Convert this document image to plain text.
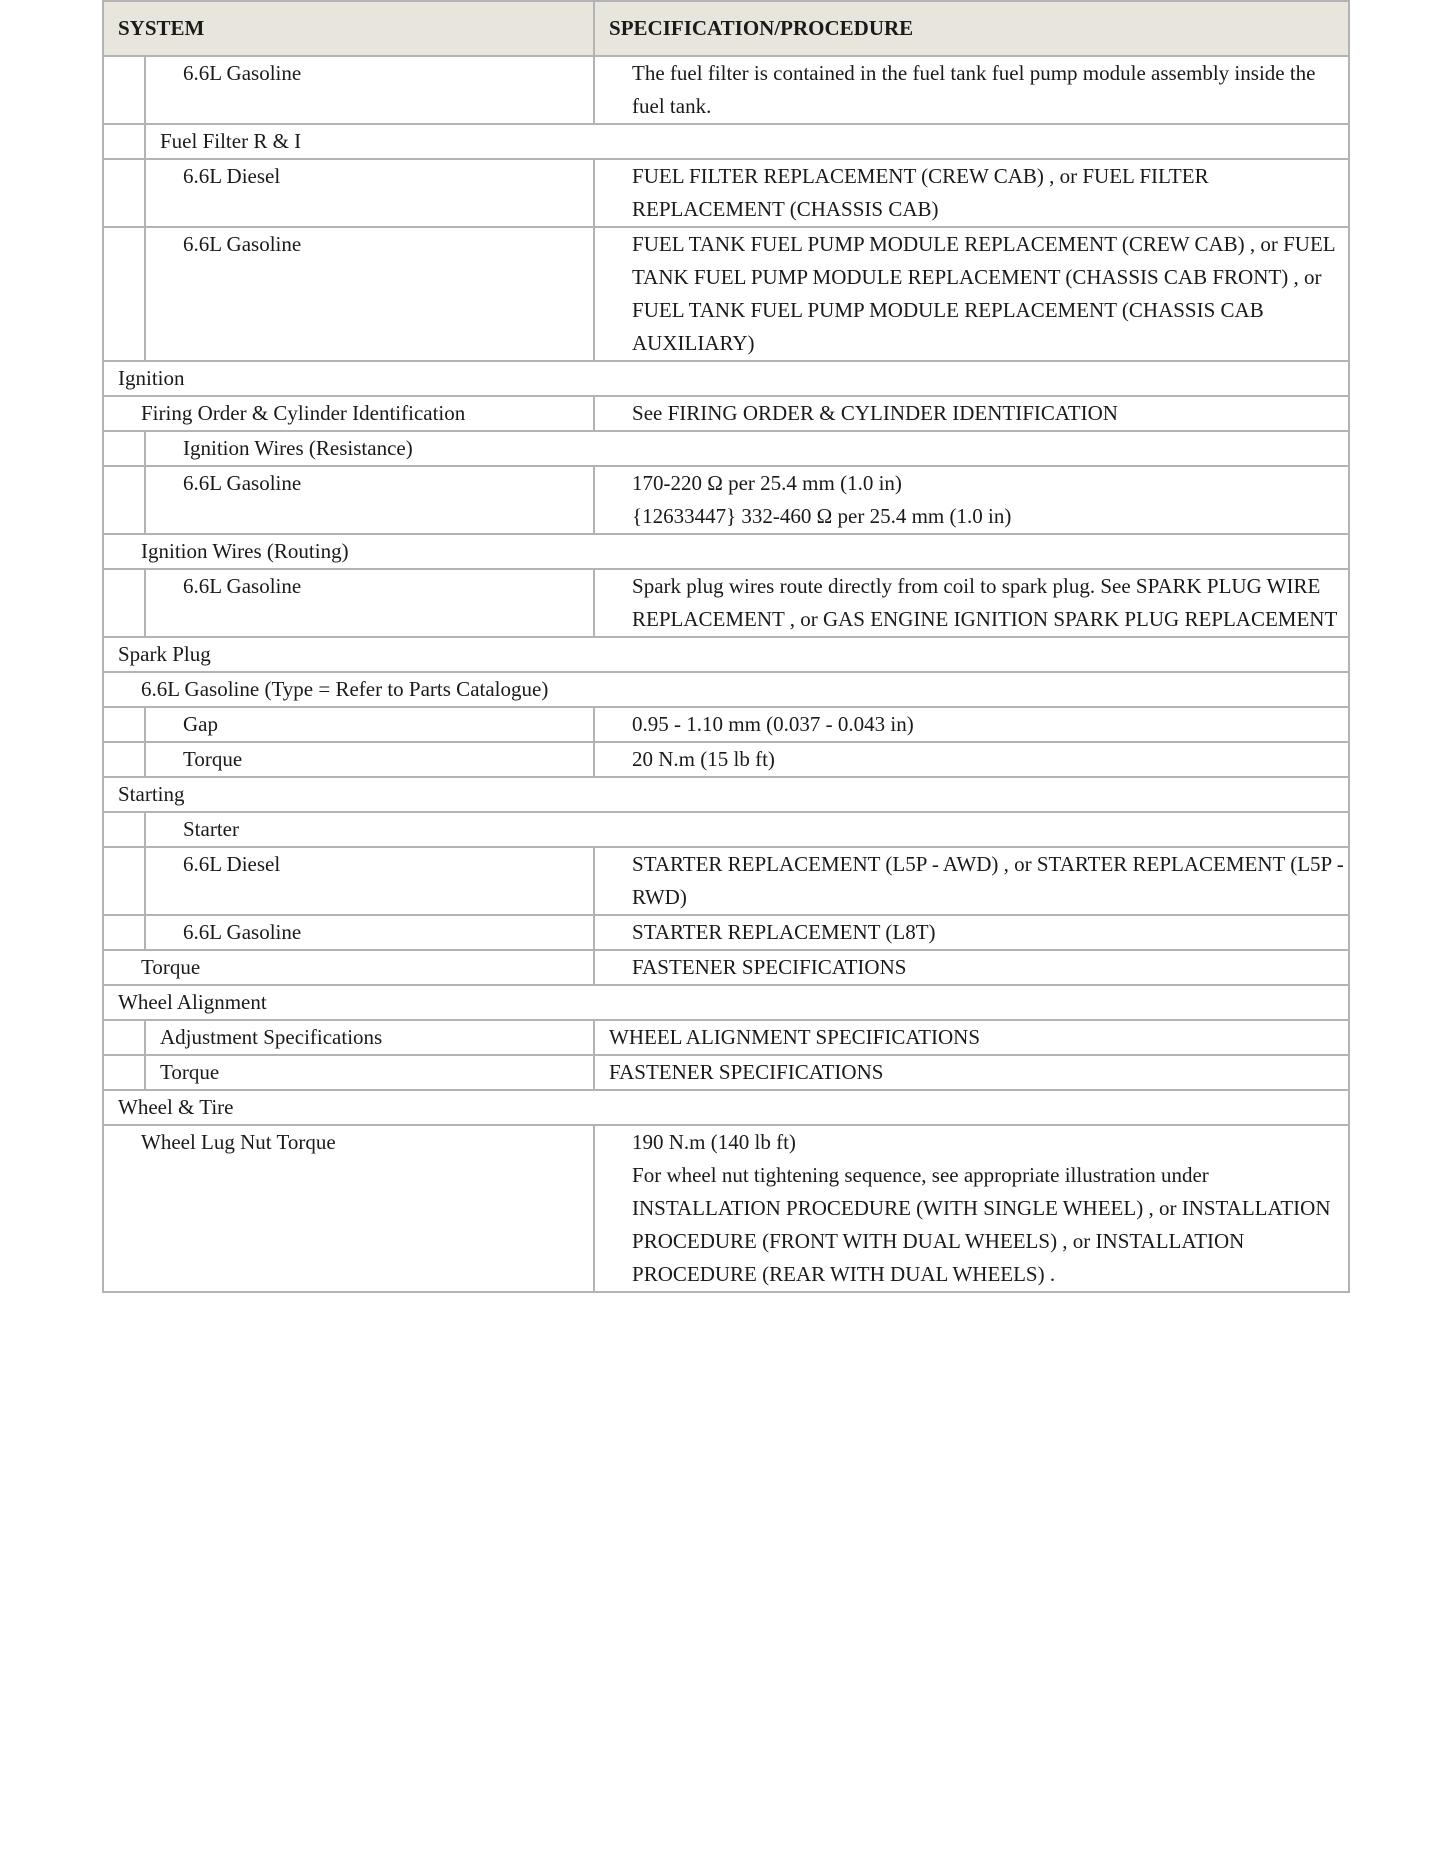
SYSTEM		SPECIFICATION/PROCEDURE
	6.6L Gasoline	The fuel filter is contained in the fuel tank fuel pump module assembly inside the fuel tank.
	Fuel Filter R & I	
	6.6L Diesel	FUEL FILTER REPLACEMENT (CREW CAB) , or FUEL FILTER REPLACEMENT (CHASSIS CAB)
	6.6L Gasoline	FUEL TANK FUEL PUMP MODULE REPLACEMENT (CREW CAB) , or FUEL TANK FUEL PUMP MODULE REPLACEMENT (CHASSIS CAB FRONT) , or FUEL TANK FUEL PUMP MODULE REPLACEMENT (CHASSIS CAB AUXILIARY)
Ignition		
Firing Order & Cylinder Identification		See FIRING ORDER & CYLINDER IDENTIFICATION
	Ignition Wires (Resistance)	
	6.6L Gasoline	170-220 Ω per 25.4 mm (1.0 in)
{12633447} 332-460 Ω per 25.4 mm (1.0 in)

Ignition Wires (Routing)		
	6.6L Gasoline	Spark plug wires route directly from coil to spark plug. See SPARK PLUG WIRE REPLACEMENT , or GAS ENGINE IGNITION SPARK PLUG REPLACEMENT
Spark Plug		
6.6L Gasoline (Type = Refer to Parts Catalogue)		
	Gap	0.95 - 1.10 mm (0.037 - 0.043 in)
	Torque	20 N.m (15 lb ft)
Starting		
	Starter	
	6.6L Diesel	STARTER REPLACEMENT (L5P - AWD) , or STARTER REPLACEMENT (L5P - RWD)
	6.6L Gasoline	STARTER REPLACEMENT (L8T)
Torque		FASTENER SPECIFICATIONS
Wheel Alignment		
	Adjustment Specifications	WHEEL ALIGNMENT SPECIFICATIONS
	Torque	FASTENER SPECIFICATIONS
Wheel & Tire		
Wheel Lug Nut Torque		190 N.m (140 lb ft)
For wheel nut tightening sequence, see appropriate illustration under INSTALLATION PROCEDURE (WITH SINGLE WHEEL) , or INSTALLATION PROCEDURE (FRONT WITH DUAL WHEELS) , or INSTALLATION PROCEDURE (REAR WITH DUAL WHEELS) .
